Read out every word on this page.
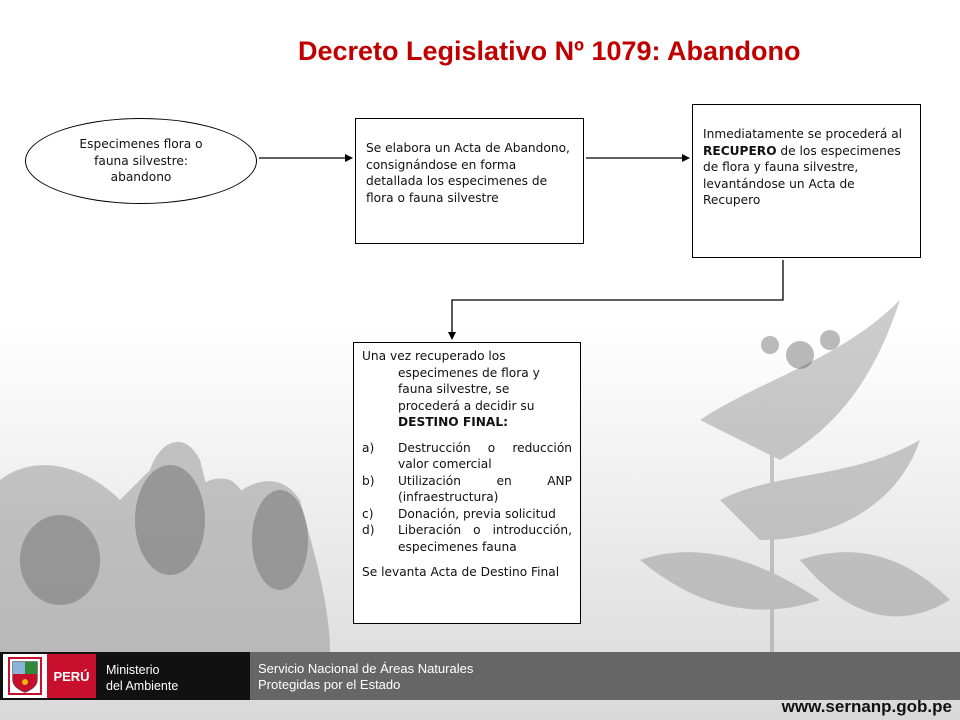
Decreto Legislativo Nº 1079: Abandono
Especimenes flora o fauna silvestre: abandono
Se elabora un Acta de Abandono, consignándose en forma detallada los especimenes de flora o fauna silvestre
Inmediatamente se procederá al RECUPERO de los especimenes de flora y fauna silvestre, levantándose un Acta de Recupero

Una vez recuperado los especimenes de flora y fauna silvestre, se procederá a decidir su DESTINO FINAL:

a)	Destrucción o reducción valor comercial
b)	Utilización en ANP (infraestructura)
c)	Donación, previa solicitud
d)	Liberación o introducción, especimenes fauna

Se levanta Acta de Destino Final

PERÚ	Ministerio
del Ambiente
Servicio Nacional de Áreas Naturales
Protegidas por el Estado
www.sernanp.gob.pe
